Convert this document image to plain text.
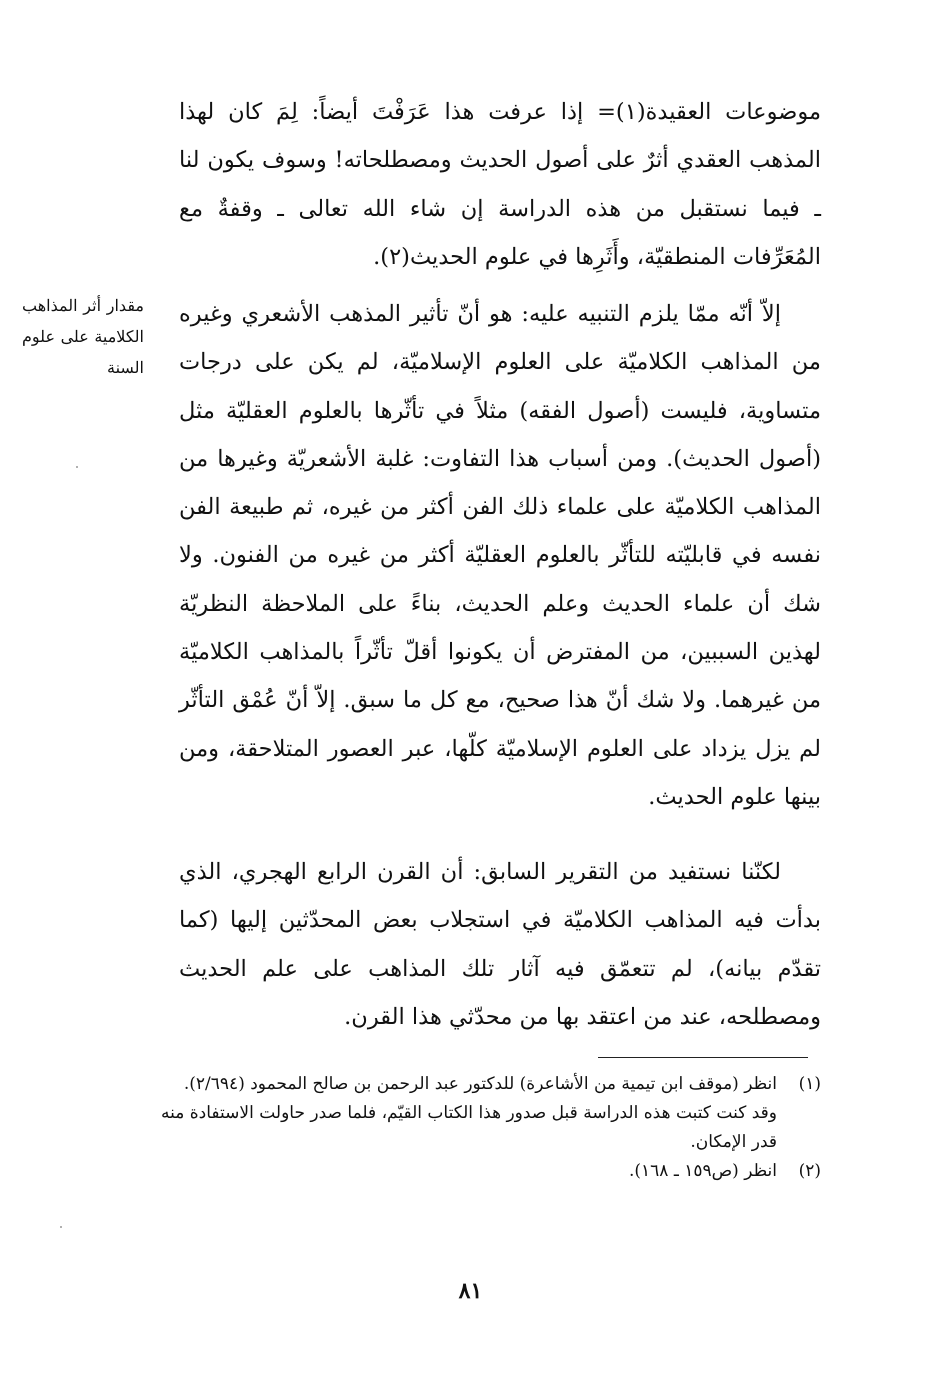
موضوعات العقيدة(١)= إذا عرفت هذا عَرَفْتَ أيضاً: لِمَ كان لهذا المذهب العقدي أثرٌ على أصول الحديث ومصطلحاته! وسوف يكون لنا ـ فيما نستقبل من هذه الدراسة إن شاء الله تعالى ـ وقفةٌ مع المُعَرِّفات المنطقيّة، وأَثَرِها في علوم الحديث(٢).

مقدار أثر المذاهب الكلامية على علوم السنة

إلاّ أنّه ممّا يلزم التنبيه عليه: هو أنّ تأثير المذهب الأشعري وغيره من المذاهب الكلاميّة على العلوم الإسلاميّة، لم يكن على درجات متساوية، فليست (أصول الفقه) مثلاً في تأثّرها بالعلوم العقليّة مثل (أصول الحديث). ومن أسباب هذا التفاوت: غلبة الأشعريّة وغيرها من المذاهب الكلاميّة على علماء ذلك الفن أكثر من غيره، ثم طبيعة الفن نفسه في قابليّته للتأثّر بالعلوم العقليّة أكثر من غيره من الفنون. ولا شك أن علماء الحديث وعلم الحديث، بناءً على الملاحظة النظريّة لهذين السببين، من المفترض أن يكونوا أقلّ تأثّراً بالمذاهب الكلاميّة من غيرهما. ولا شك أنّ هذا صحيح، مع كل ما سبق. إلاّ أنّ عُمْق التأثّر لم يزل يزداد على العلوم الإسلاميّة كلّها، عبر العصور المتلاحقة، ومن بينها علوم الحديث.

لكنّنا نستفيد من التقرير السابق: أن القرن الرابع الهجري، الذي بدأت فيه المذاهب الكلاميّة في استجلاب بعض المحدّثين إليها (كما تقدّم بيانه)، لم تتعمّق فيه آثار تلك المذاهب على علم الحديث ومصطلحه، عند من اعتقد بها من محدّثي هذا القرن.

(١)
انظر (موقف ابن تيمية من الأشاعرة) للدكتور عبد الرحمن بن صالح المحمود (٢/٦٩٤).

وقد كنت كتبت هذه الدراسة قبل صدور هذا الكتاب القيّم، فلما صدر حاولت الاستفادة منه قدر الإمكان.

(٢)
انظر (ص١٥٩ ـ ١٦٨).
٨١
